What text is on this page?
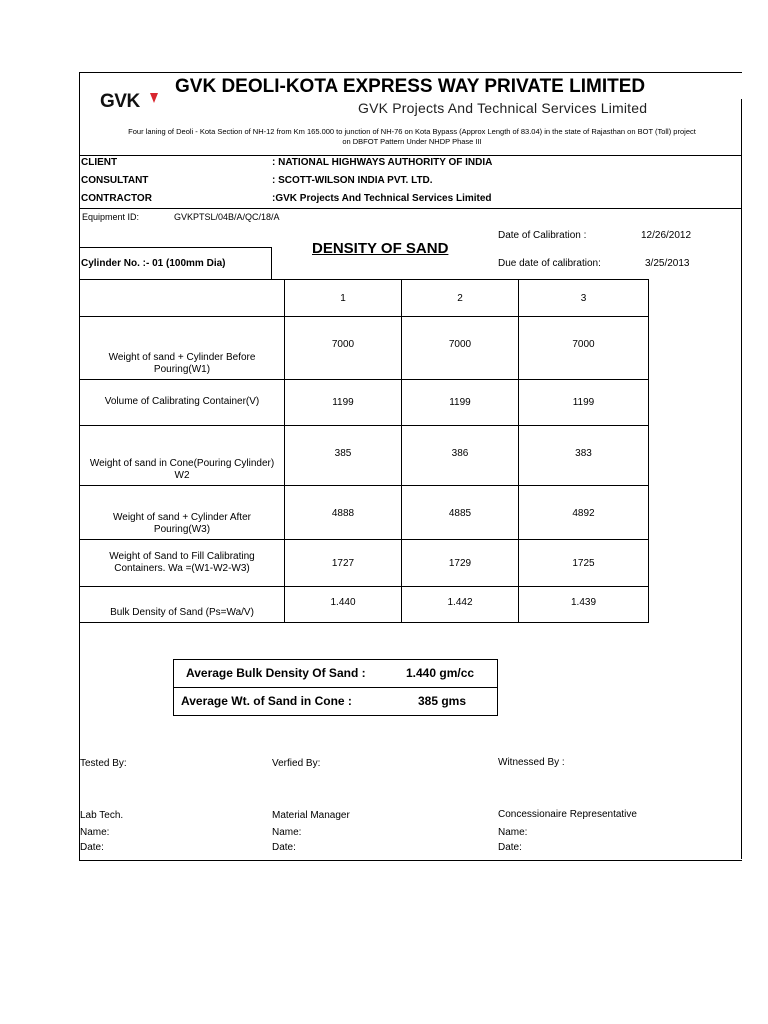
GVK
GVK DEOLI-KOTA EXPRESS WAY PRIVATE LIMITED
GVK Projects And Technical Services Limited
Four laning of Deoli - Kota Section of NH-12 from Km 165.000 to junction of NH-76 on Kota Bypass (Approx Length of 83.04) in the state of Rajasthan on BOT (Toll) project
on DBFOT Pattern Under NHDP Phase III
CLIENT	: NATIONAL HIGHWAYS AUTHORITY OF INDIA
CONSULTANT	: SCOTT-WILSON INDIA PVT. LTD.
CONTRACTOR	:GVK Projects And Technical Services Limited
Equipment ID:	GVKPTSL/04B/A/QC/18/A
Date of Calibration :	12/26/2012
Due date of calibration:	3/25/2013
DENSITY OF SAND
Cylinder No. :- 01 (100mm Dia)
	1	2	3
Weight of sand + Cylinder Before Pouring(W1)	7000	7000	7000
Volume of Calibrating Container(V)	1199	1199	1199
Weight of sand in Cone(Pouring Cylinder) W2	385	386	383
Weight of sand + Cylinder After Pouring(W3)	4888	4885	4892
Weight of Sand to Fill Calibrating Containers. Wa =(W1-W2-W3)	1727	1729	1725
Bulk Density of Sand (Ps=Wa/V)	1.440	1.442	1.439
Average Bulk Density Of Sand :	1.440 gm/cc
Average Wt. of Sand in Cone :	385 gms
Tested By:	Verfied By:	Witnessed By :
Lab Tech.	Material Manager	Concessionaire Representative
Name:	Name:	Name:
Date:	Date:	Date:
